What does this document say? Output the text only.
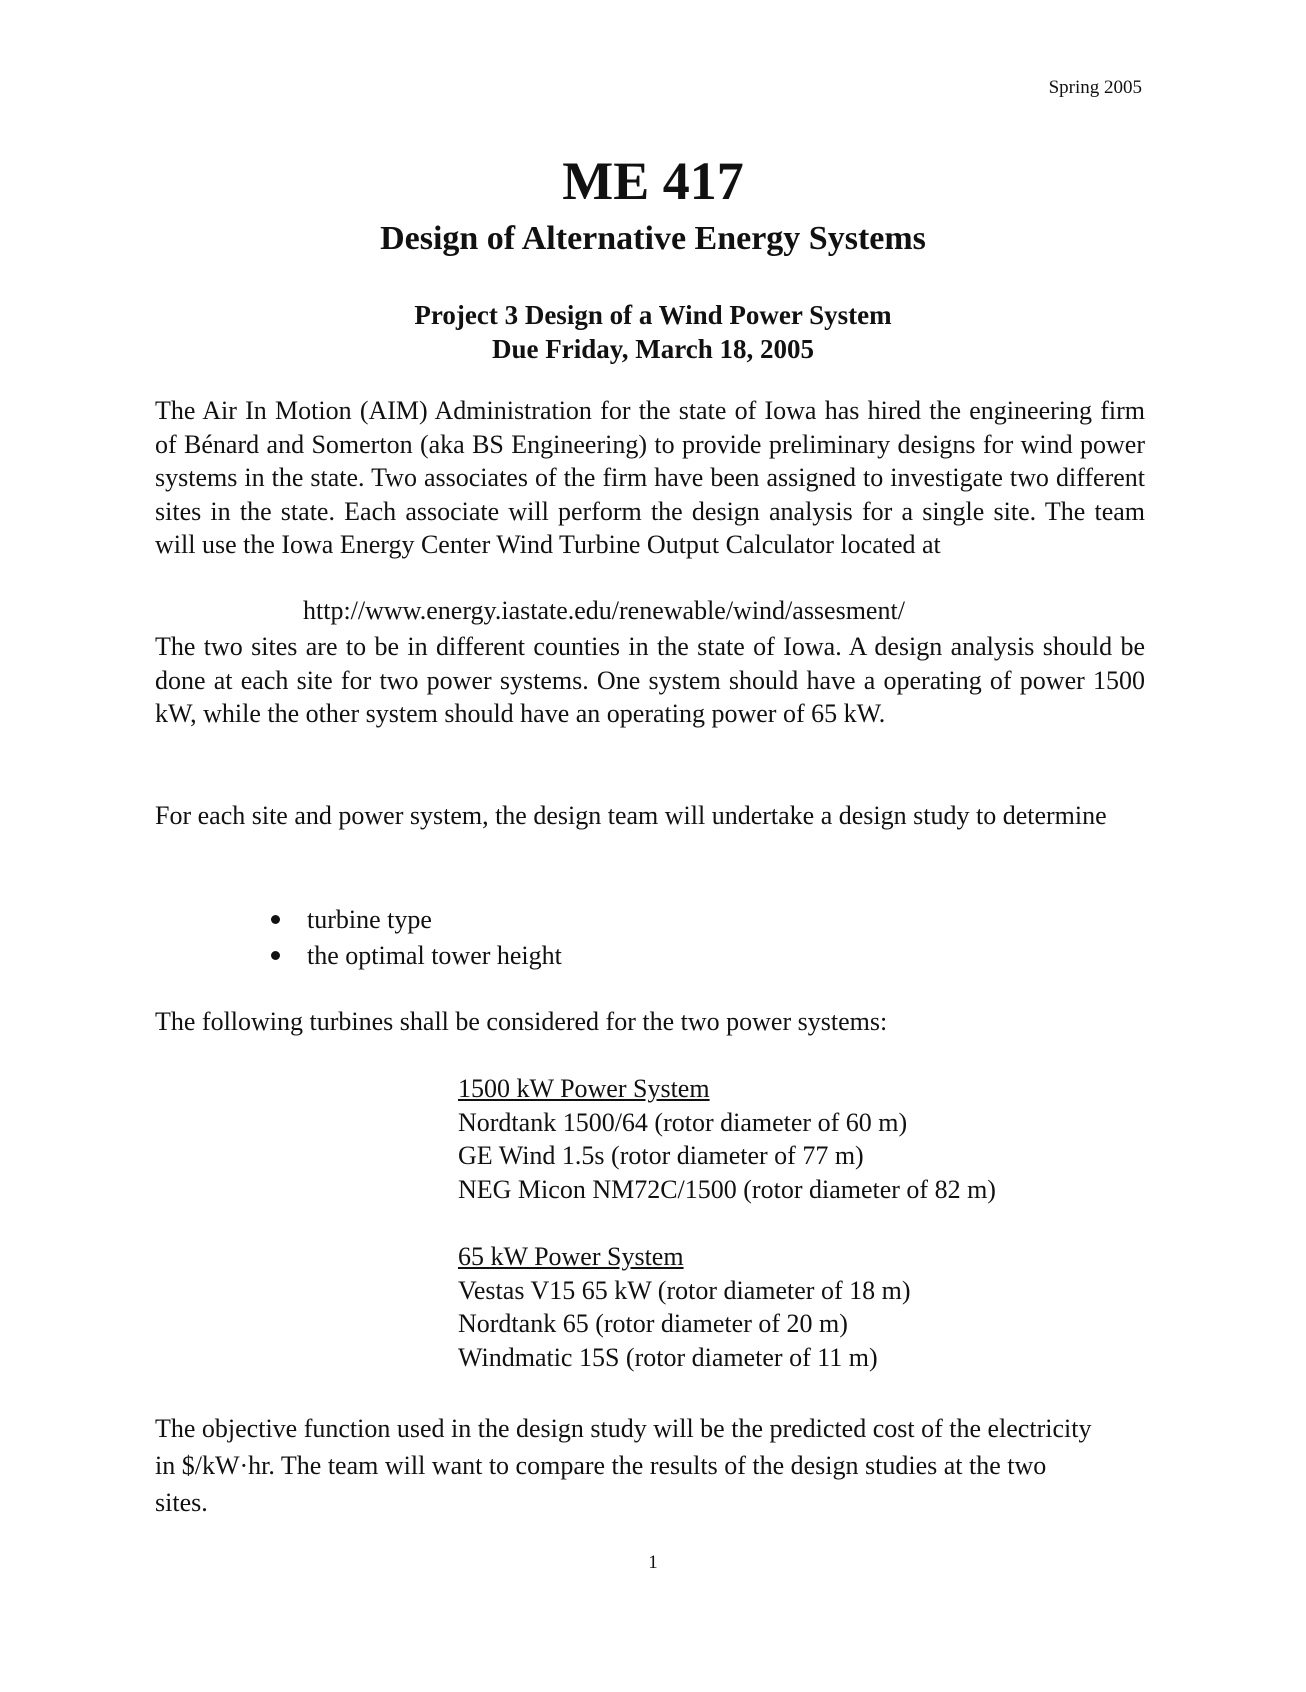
Spring 2005
ME 417
Design of Alternative Energy Systems
Project 3 Design of a Wind Power System
Due Friday, March 18, 2005

The Air In Motion (AIM) Administration for the state of Iowa has hired the engineering firm of Bénard and Somerton (aka BS Engineering) to provide preliminary designs for wind power systems in the state. Two associates of the firm have been assigned to investigate two different sites in the state. Each associate will perform the design analysis for a single site. The team will use the Iowa Energy Center Wind Turbine Output Calculator located at

http://www.energy.iastate.edu/renewable/wind/assesment/

The two sites are to be in different counties in the state of Iowa. A design analysis should be done at each site for two power systems. One system should have a operating of power 1500 kW, while the other system should have an operating power of 65 kW.

For each site and power system, the design team will undertake a design study to determine

turbine type
the optimal tower height

The following turbines shall be considered for the two power systems:

1500 kW Power System
Nordtank 1500/64 (rotor diameter of 60 m)
GE Wind 1.5s (rotor diameter of 77 m)
NEG Micon NM72C/1500 (rotor diameter of 82 m)
65 kW Power System
Vestas V15 65 kW (rotor diameter of 18 m)
Nordtank 65 (rotor diameter of 20 m)
Windmatic 15S (rotor diameter of 11 m)

The objective function used in the design study will be the predicted cost of the electricity in $/kW·hr. The team will want to compare the results of the design studies at the two sites.

1
